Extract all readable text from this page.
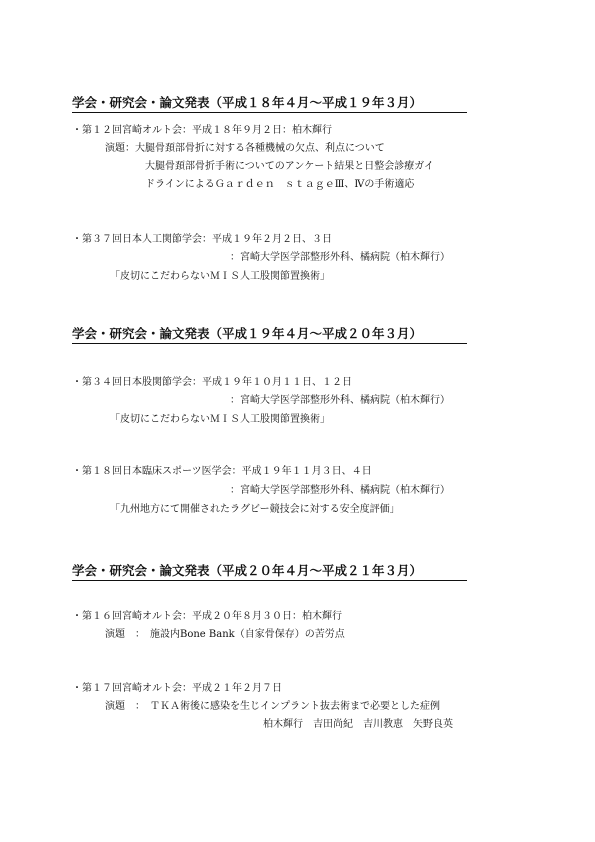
学会・研究会・論文発表（平成１８年４月～平成１９年３月）
・第１２回宮崎オルト会：平成１８年９月２日：柏木輝行
演題：大腿骨頚部骨折に対する各種機械の欠点、利点について
大腿骨頚部骨折手術についてのアンケート結果と日整会診療ガイ
ドラインによるＧａｒｄｅｎ　ｓｔａｇｅⅢ、Ⅳの手術適応
・第３７回日本人工関節学会：平成１９年２月２日、３日
：宮崎大学医学部整形外科、橘病院（柏木輝行）
「皮切にこだわらないＭＩＳ人工股関節置換術」
学会・研究会・論文発表（平成１９年４月～平成２０年３月）
・第３４回日本股関節学会：平成１９年１０月１１日、１２日
：宮崎大学医学部整形外科、橘病院（柏木輝行）
「皮切にこだわらないＭＩＳ人工股関節置換術」
・第１８回日本臨床スポーツ医学会：平成１９年１１月３日、４日
：宮崎大学医学部整形外科、橘病院（柏木輝行）
「九州地方にて開催されたラグビー競技会に対する安全度評価」
学会・研究会・論文発表（平成２０年４月～平成２１年３月）
・第１６回宮崎オルト会：平成２０年８月３０日：柏木輝行
演題　：　施設内Bone Bank（自家骨保存）の苦労点
・第１７回宮崎オルト会：平成２１年２月７日
演題　：　ＴＫＡ術後に感染を生じインプラント抜去術まで必要とした症例
柏木輝行　吉田尚紀　吉川教恵　矢野良英
